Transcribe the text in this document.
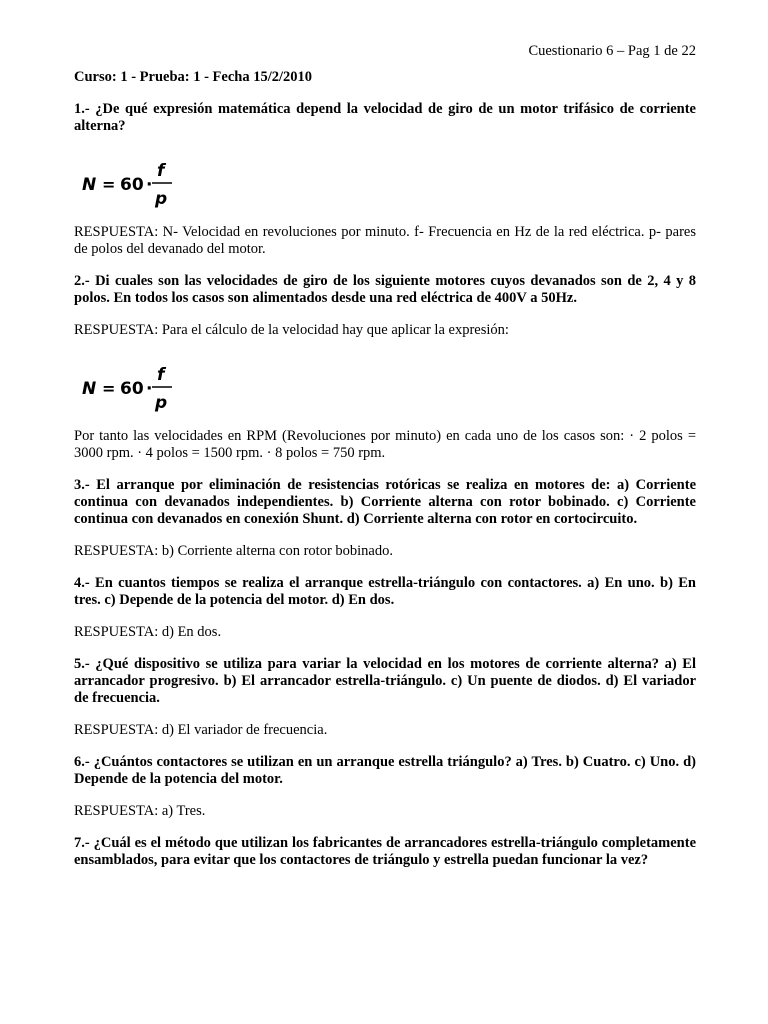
Cuestionario 6 – Pag 1 de 22

Curso: 1 - Prueba: 1 - Fecha 15/2/2010

1.- ¿De qué expresión matemática depend la velocidad de giro de un motor trifásico de corriente alterna?

N = 60 ·
f
p

RESPUESTA: N- Velocidad en revoluciones por minuto. f- Frecuencia en Hz de la red eléctrica. p- pares de polos del devanado del motor.

2.- Di cuales son las velocidades de giro de los siguiente motores cuyos devanados son de 2, 4 y 8 polos. En todos los casos son alimentados desde una red eléctrica de 400V a 50Hz.

RESPUESTA: Para el cálculo de la velocidad hay que aplicar la expresión:

N = 60 ·
f
p

Por tanto las velocidades en RPM (Revoluciones por minuto) en cada uno de los casos son: · 2 polos = 3000 rpm. · 4 polos = 1500 rpm. · 8 polos = 750 rpm.

3.- El arranque por eliminación de resistencias rotóricas se realiza en motores de: a) Corriente continua con devanados independientes. b) Corriente alterna con rotor bobinado. c) Corriente continua con devanados en conexión Shunt. d) Corriente alterna con rotor en cortocircuito.

RESPUESTA: b) Corriente alterna con rotor bobinado.

4.- En cuantos tiempos se realiza el arranque estrella-triángulo con contactores. a) En uno. b) En tres. c) Depende de la potencia del motor. d) En dos.

RESPUESTA: d) En dos.

5.- ¿Qué dispositivo se utiliza para variar la velocidad en los motores de corriente alterna? a) El arrancador progresivo. b) El arrancador estrella-triángulo. c) Un puente de diodos. d) El variador de frecuencia.

RESPUESTA: d) El variador de frecuencia.

6.- ¿Cuántos contactores se utilizan en un arranque estrella triángulo? a) Tres. b) Cuatro. c) Uno. d) Depende de la potencia del motor.

RESPUESTA: a) Tres.

7.- ¿Cuál es el método que utilizan los fabricantes de arrancadores estrella-triángulo completamente ensamblados, para evitar que los contactores de triángulo y estrella puedan funcionar la vez?
